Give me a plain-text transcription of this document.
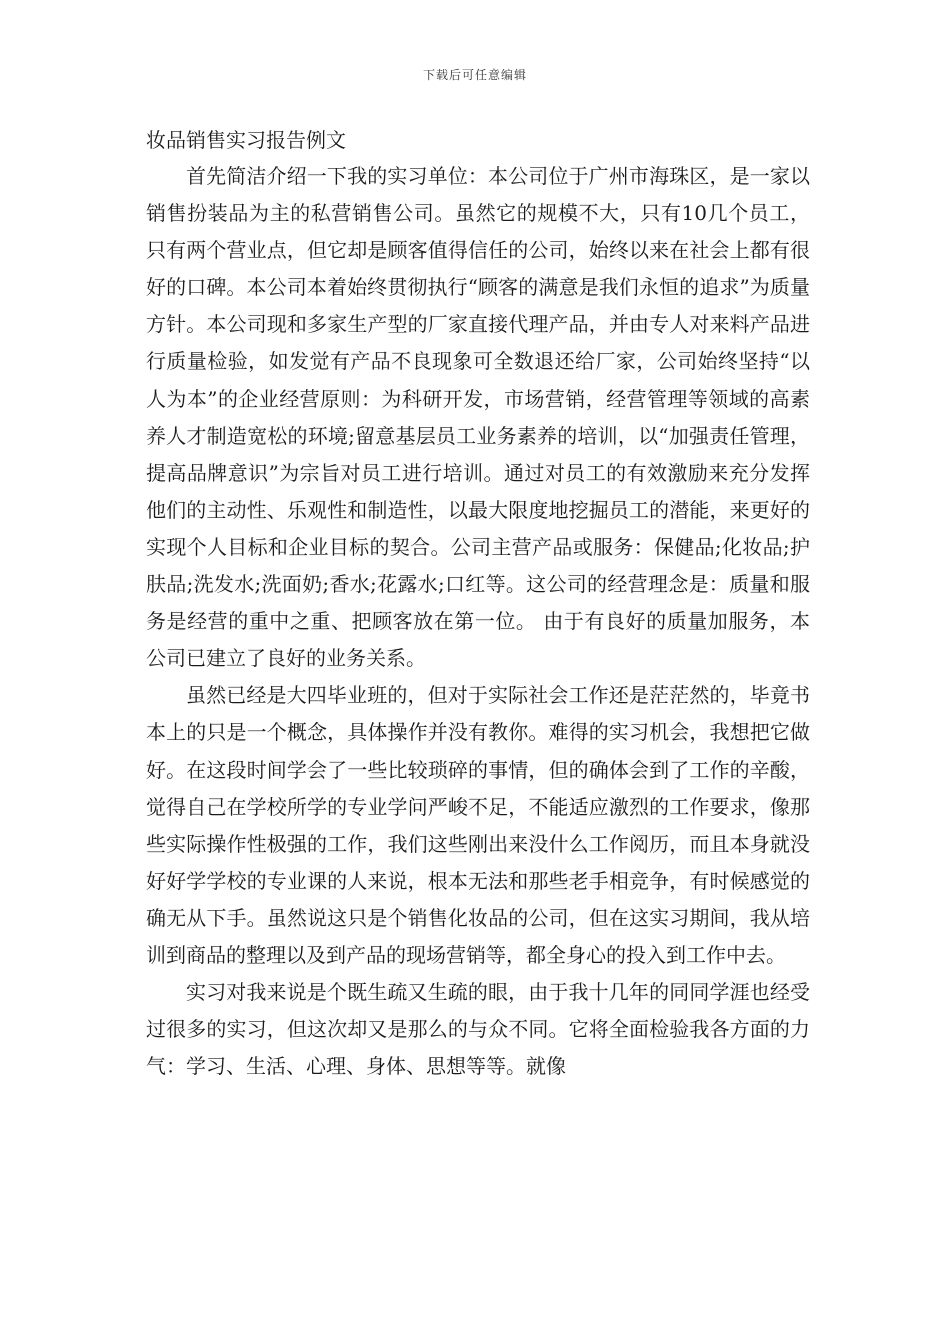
下载后可任意编辑
妆品销售实习报告例文

首先简洁介绍一下我的实习单位：本公司位于广州市海珠区，是一家以销售扮装品为主的私营销售公司。虽然它的规模不大，只有10几个员工，只有两个营业点，但它却是顾客值得信任的公司，始终以来在社会上都有很好的口碑。本公司本着始终贯彻执行“顾客的满意是我们永恒的追求”为质量方针。本公司现和多家生产型的厂家直接代理产品，并由专人对来料产品进行质量检验，如发觉有产品不良现象可全数退还给厂家，公司始终坚持“以人为本”的企业经营原则：为科研开发，市场营销，经营管理等领域的高素养人才制造宽松的环境;留意基层员工业务素养的培训，以“加强责任管理，提高品牌意识”为宗旨对员工进行培训。通过对员工的有效激励来充分发挥他们的主动性、乐观性和制造性，以最大限度地挖掘员工的潜能，来更好的实现个人目标和企业目标的契合。公司主营产品或服务：保健品;化妆品;护肤品;洗发水;洗面奶;香水;花露水;口红等。这公司的经营理念是：质量和服务是经营的重中之重、把顾客放在第一位。 由于有良好的质量加服务，本公司已建立了良好的业务关系。

虽然已经是大四毕业班的，但对于实际社会工作还是茫茫然的，毕竟书本上的只是一个概念，具体操作并没有教你。难得的实习机会，我想把它做好。在这段时间学会了一些比较琐碎的事情，但的确体会到了工作的辛酸，觉得自己在学校所学的专业学问严峻不足，不能适应激烈的工作要求，像那些实际操作性极强的工作，我们这些刚出来没什么工作阅历，而且本身就没好好学学校的专业课的人来说，根本无法和那些老手相竞争，有时候感觉的确无从下手。虽然说这只是个销售化妆品的公司，但在这实习期间，我从培训到商品的整理以及到产品的现场营销等，都全身心的投入到工作中去。

实习对我来说是个既生疏又生疏的眼，由于我十几年的同同学涯也经受过很多的实习，但这次却又是那么的与众不同。它将全面检验我各方面的力气：学习、生活、心理、身体、思想等等。就像
